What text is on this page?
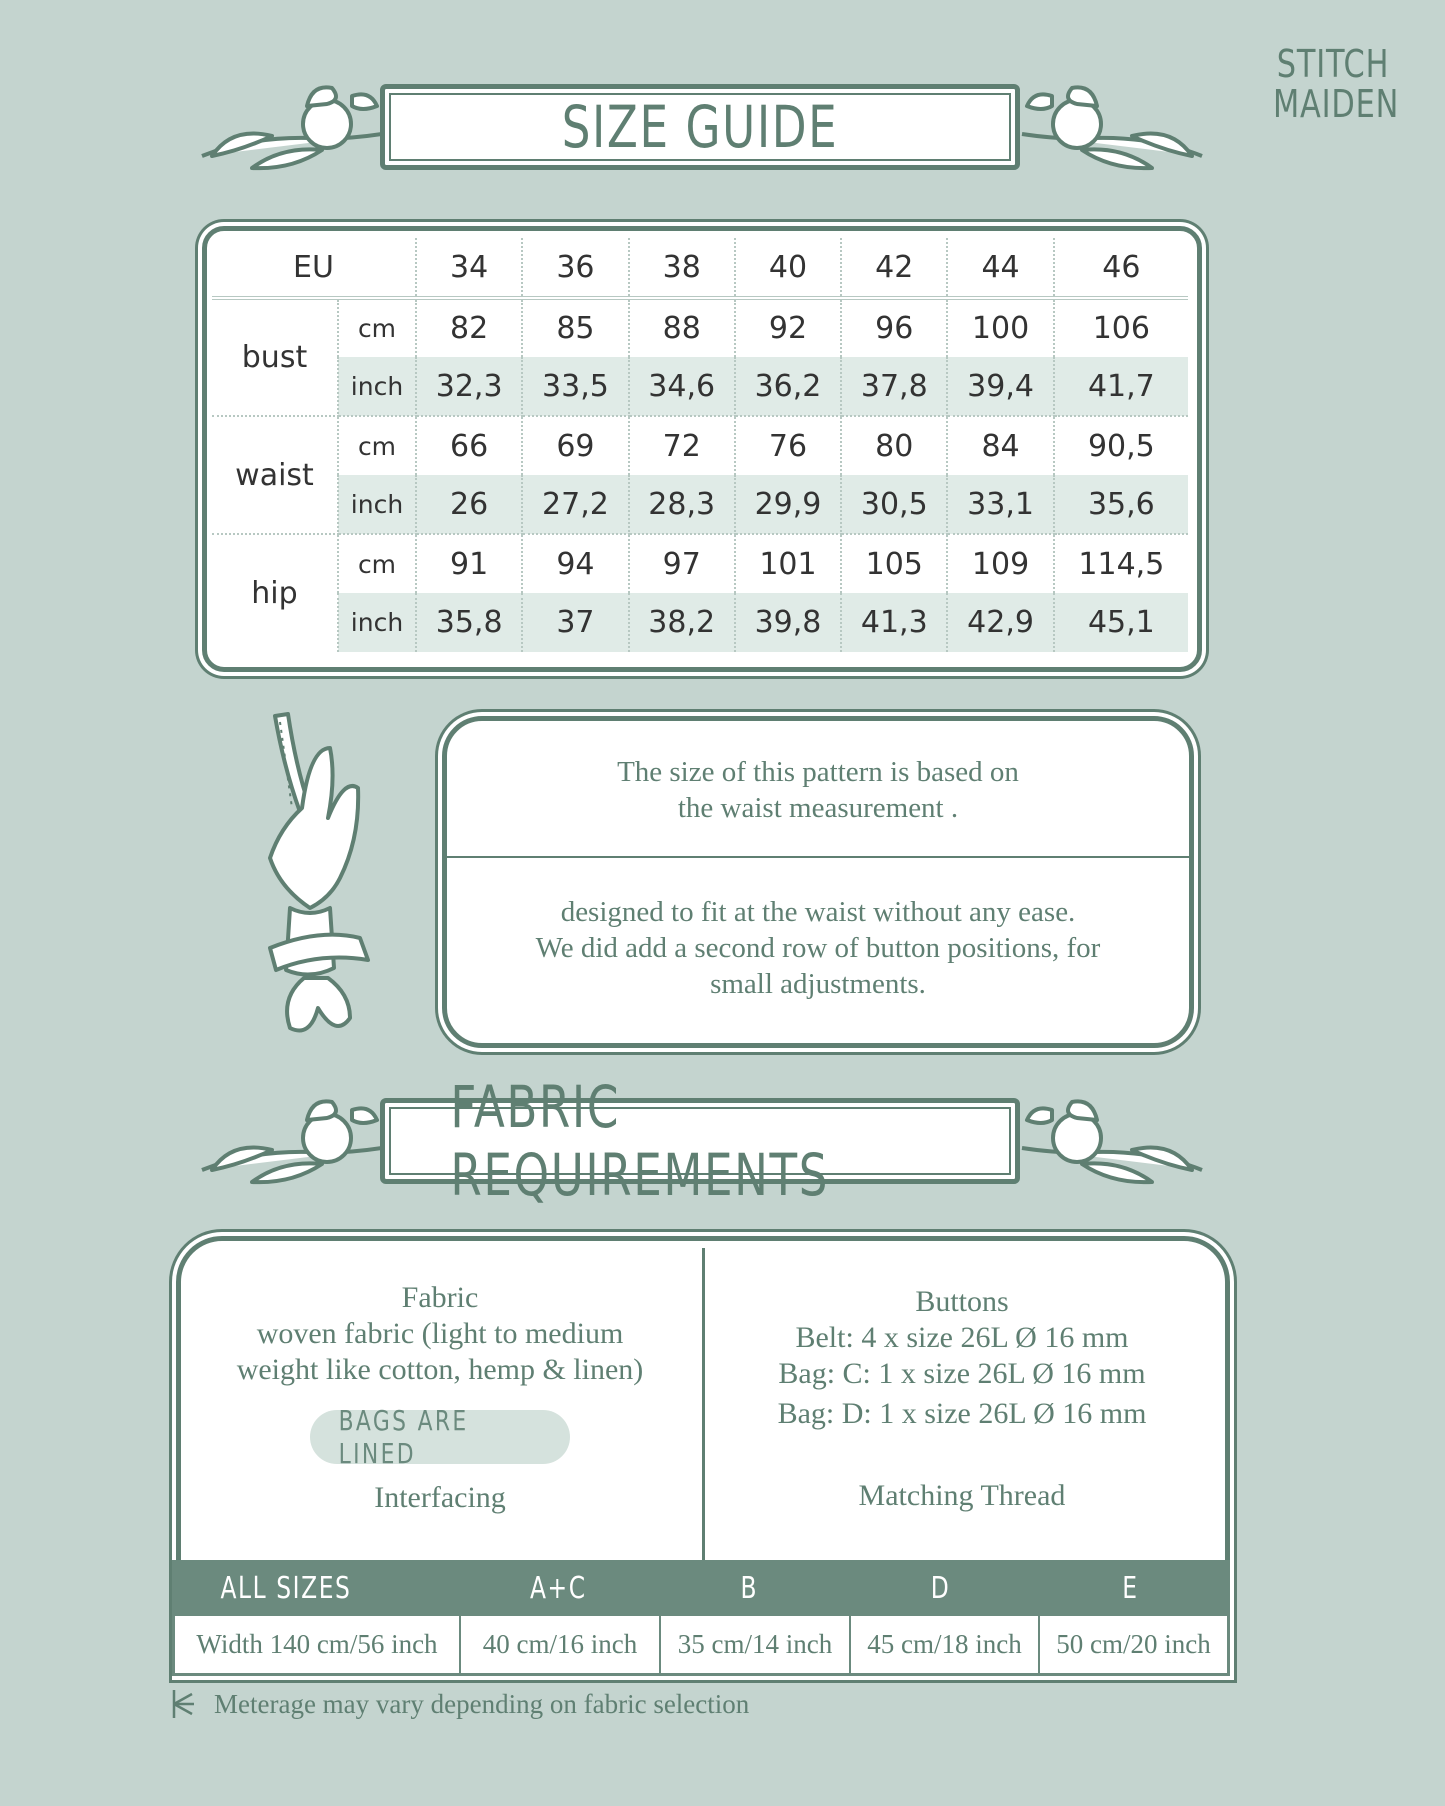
STITCH
MAIDEN
SIZE GUIDE
EU		34	36	38	40	42	44	46
bust	cm	82	85	88	92	96	100	106
	inch	32,3	33,5	34,6	36,2	37,8	39,4	41,7
waist	cm	66	69	72	76	80	84	90,5
	inch	26	27,2	28,3	29,9	30,5	33,1	35,6
hip	cm	91	94	97	101	105	109	114,5
	inch	35,8	37	38,2	39,8	41,3	42,9	45,1
The size of this pattern is based on
the waist measurement .
designed to fit at the waist without any ease.
We did add a second row of button positions, for
small adjustments.
FABRIC REQUIREMENTS
Fabric
woven fabric (light to medium
weight like cotton, hemp & linen)
BAGS ARE LINED
Interfacing
Buttons
Belt: 4 x size 26L Ø 16 mm
Bag: C: 1 x size 26L Ø 16 mm
Bag: D: 1 x size 26L Ø 16 mm
Matching Thread
ALL SIZES	A+C	B	D	E
Width 140 cm/56 inch	40 cm/16 inch	35 cm/14 inch	45 cm/18 inch	50 cm/20 inch
Meterage may vary depending on fabric selection
